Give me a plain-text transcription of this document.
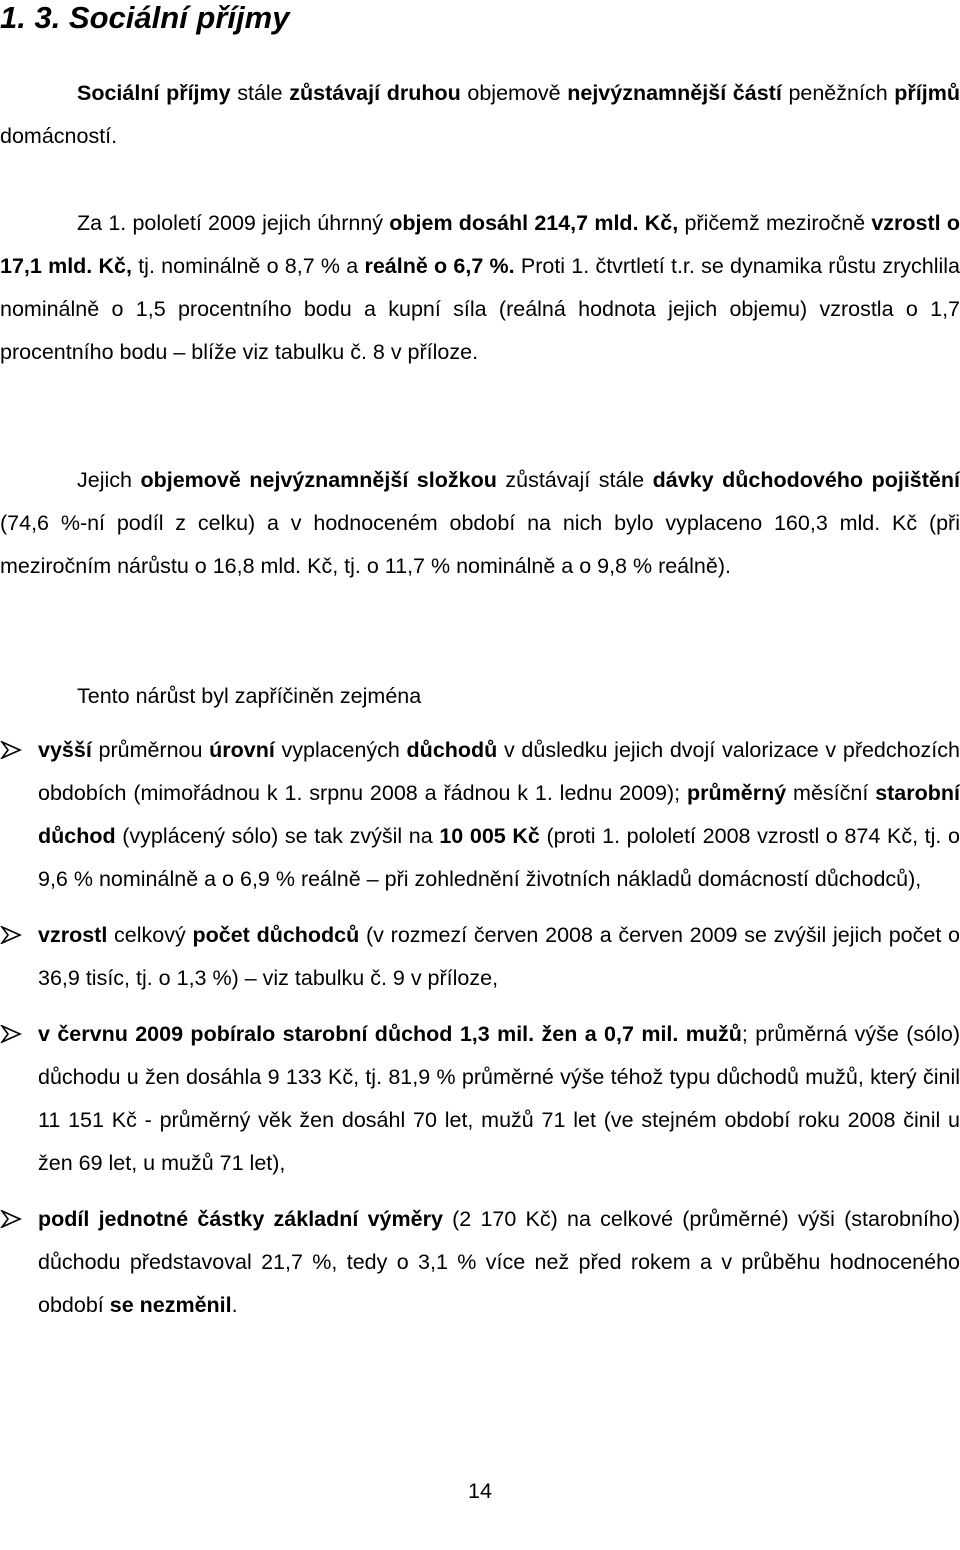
1. 3. Sociální příjmy

Sociální příjmy stále zůstávají druhou objemově nejvýznamnější částí peněžních příjmů domácností.

Za 1. pololetí 2009 jejich úhrnný objem dosáhl 214,7 mld. Kč, přičemž meziročně vzrostl o 17,1 mld. Kč, tj. nominálně o 8,7 % a reálně o 6,7 %. Proti 1. čtvrtletí t.r. se dynamika růstu zrychlila nominálně o 1,5 procentního bodu a kupní síla (reálná hodnota jejich objemu) vzrostla o 1,7 procentního bodu – blíže viz tabulku č. 8 v příloze.

Jejich objemově nejvýznamnější složkou zůstávají stále dávky důchodového pojištění (74,6 %-ní podíl z celku) a v hodnoceném období na nich bylo vyplaceno 160,3 mld. Kč (při meziročním nárůstu o 16,8 mld. Kč, tj. o 11,7 % nominálně a o 9,8 % reálně).

Tento nárůst byl zapříčiněn zejména

vyšší průměrnou úrovní vyplacených důchodů v důsledku jejich dvojí valorizace v předchozích obdobích (mimořádnou k 1. srpnu 2008 a řádnou k 1. lednu 2009); průměrný měsíční starobní důchod (vyplácený sólo) se tak zvýšil na 10 005 Kč (proti 1. pololetí 2008 vzrostl o 874 Kč, tj. o 9,6 % nominálně a o 6,9 % reálně – při zohlednění životních nákladů domácností důchodců),
vzrostl celkový počet důchodců (v rozmezí červen 2008 a červen 2009 se zvýšil jejich počet o 36,9 tisíc, tj. o 1,3 %) – viz tabulku č. 9 v příloze,
v červnu 2009 pobíralo starobní důchod 1,3 mil. žen a 0,7 mil. mužů; průměrná výše (sólo) důchodu u žen dosáhla 9 133 Kč, tj. 81,9 % průměrné výše téhož typu důchodů mužů, který činil 11 151 Kč - průměrný věk žen dosáhl 70 let, mužů 71 let (ve stejném období roku 2008 činil u žen 69 let, u mužů 71 let),
podíl jednotné částky základní výměry (2 170 Kč) na celkové (průměrné) výši (starobního) důchodu představoval 21,7 %, tedy o 3,1 % více než před rokem a v průběhu hodnoceného období se nezměnil.
14
